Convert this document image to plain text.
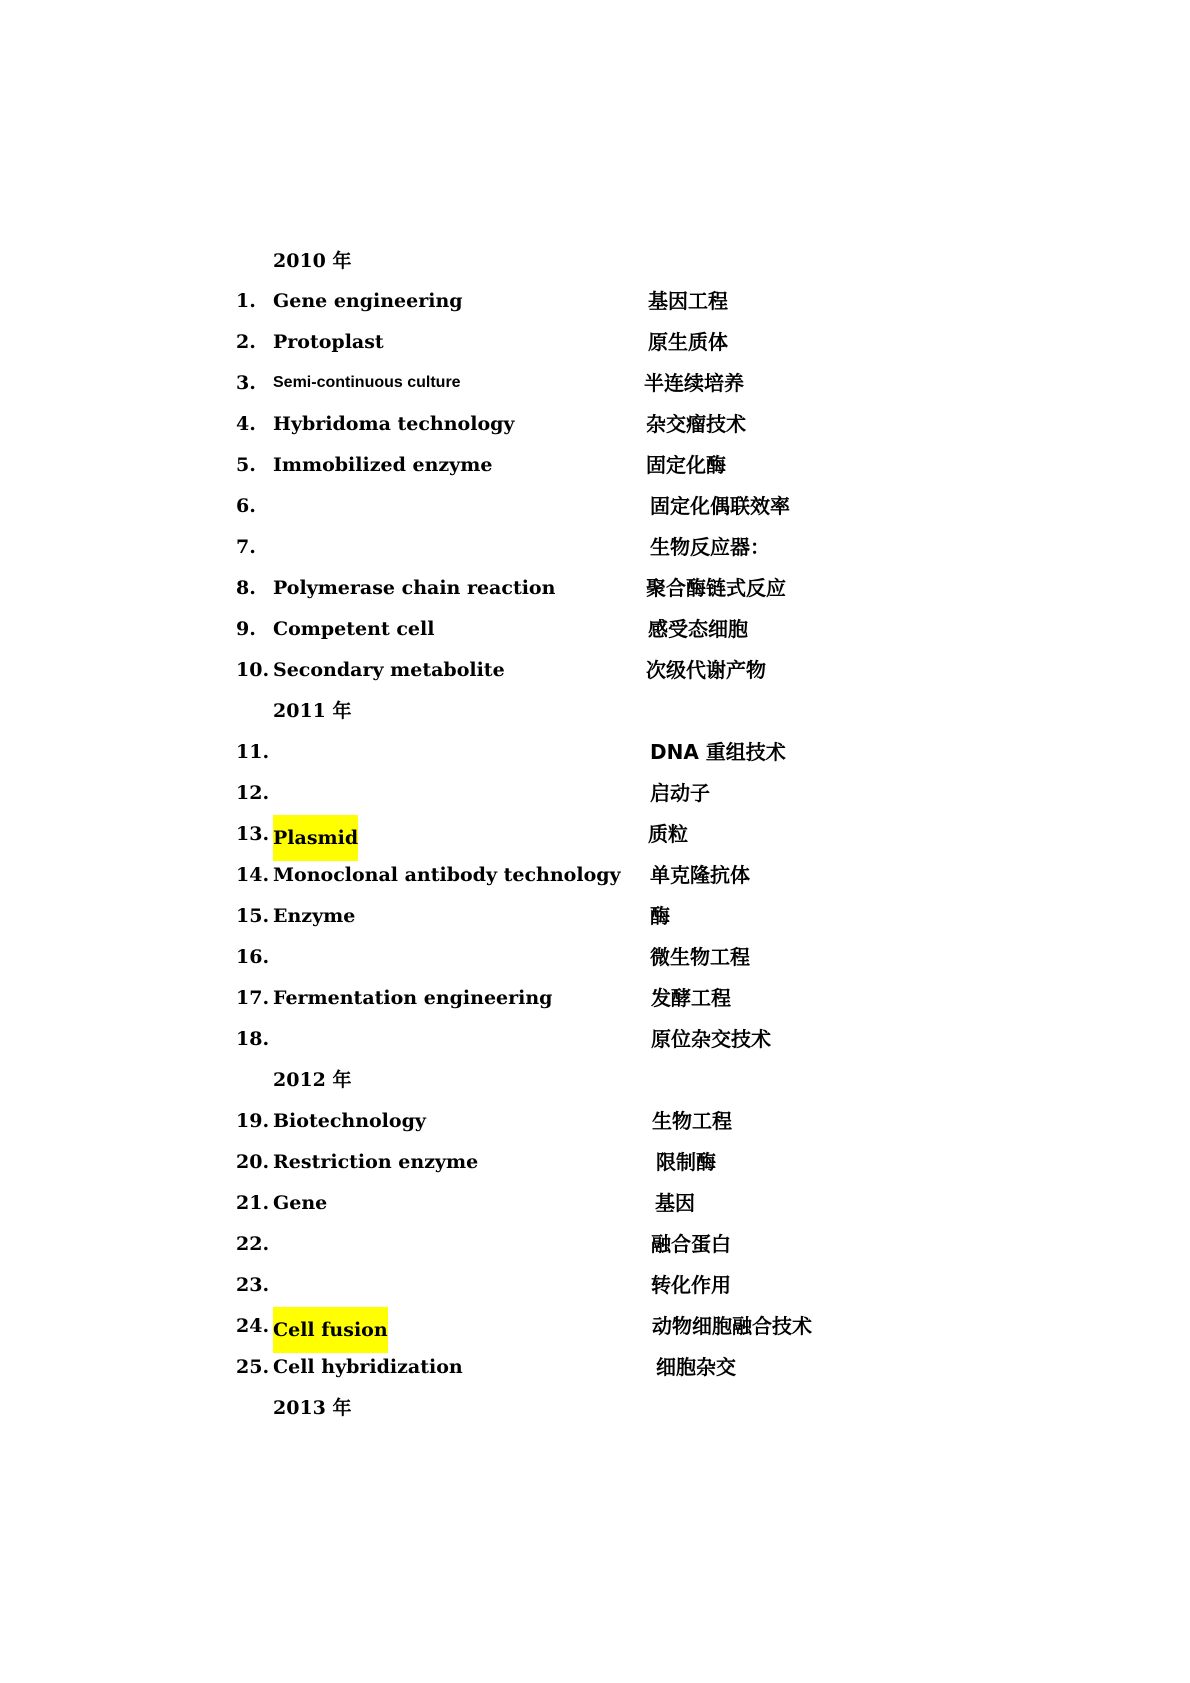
2010 年
1. Gene engineering	基因工程
2. Protoplast	原生质体
3. Semi-continuous culture	半连续培养
4. Hybridoma technology	杂交瘤技术
5. Immobilized enzyme	固定化酶
6.	固定化偶联效率
7.	生物反应器：
8. Polymerase chain reaction	聚合酶链式反应
9. Competent cell	感受态细胞
10. Secondary metabolite	次级代谢产物
2011 年
11.	DNA 重组技术
12.	启动子
13. Plasmid	质粒
14. Monoclonal antibody technology 单克隆抗体
15. Enzyme	酶
16.	微生物工程
17. Fermentation engineering	发酵工程
18.	原位杂交技术
2012 年
19. Biotechnology	生物工程
20. Restriction enzyme	限制酶
21. Gene	基因
22.	融合蛋白
23.	转化作用
24. Cell fusion	动物细胞融合技术
25. Cell hybridization	细胞杂交
2013 年
